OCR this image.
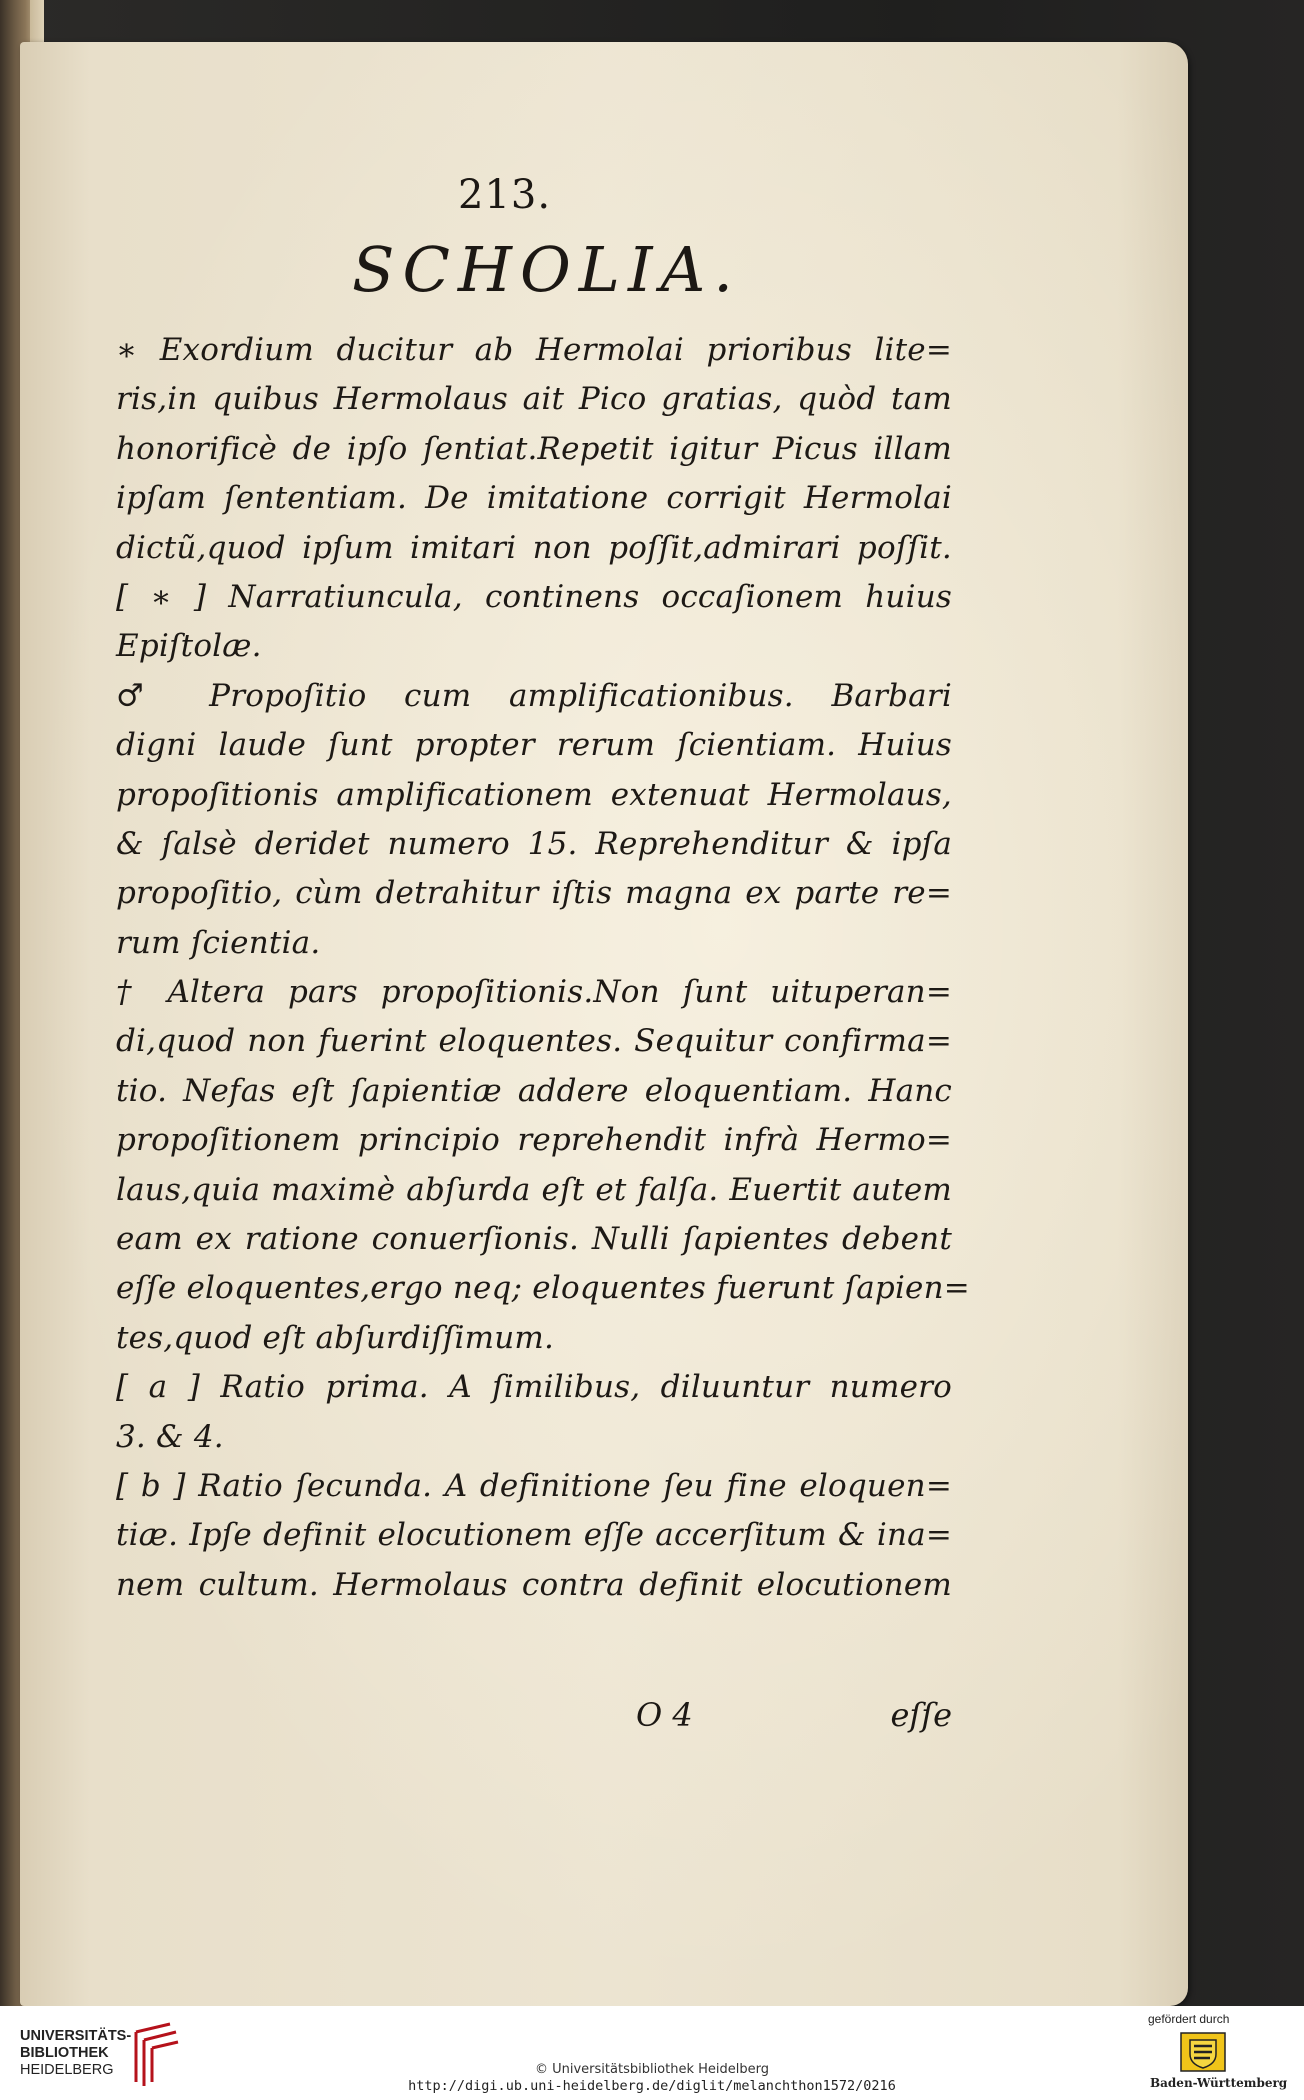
213.
SCHOLIA.
∗ Exordium ducitur ab Hermolai prioribus lite=
ris,in quibus Hermolaus ait Pico gratias, quòd tam
honorificè de ipſo ſentiat.Repetit igitur Picus illam
ipſam ſententiam. De imitatione corrigit Hermolai
dictũ,quod ipſum imitari non poſſit,admirari poſſit.
[ ∗ ] Narratiuncula, continens occaſionem huius
Epiſtolæ.
♂ Propoſitio cum amplificationibus. Barbari
digni laude ſunt propter rerum ſcientiam. Huius
propoſitionis amplificationem extenuat Hermolaus,
& ſalsè deridet numero 15. Reprehenditur & ipſa
propoſitio, cùm detrahitur iſtis magna ex parte re=
rum ſcientia.
† Altera pars propoſitionis.Non ſunt uituperan=
di,quod non fuerint eloquentes. Sequitur confirma=
tio. Nefas eſt ſapientiæ addere eloquentiam. Hanc
propoſitionem principio reprehendit infrà Hermo=
laus,quia maximè abſurda eſt et falſa. Euertit autem
eam ex ratione conuerſionis. Nulli ſapientes debent
eſſe eloquentes,ergo neq; eloquentes fuerunt ſapien=
tes,quod eſt abſurdiſſimum.
[ a ] Ratio prima. A ſimilibus, diluuntur numero
3. & 4.
[ b ] Ratio ſecunda. A definitione ſeu fine eloquen=
tiæ. Ipſe definit elocutionem eſſe accerſitum & ina=
nem cultum. Hermolaus contra definit elocutionem
O 4	eſſe
UNIVERSITÄTS-
BIBLIOTHEK
HEIDELBERG	© Universitätsbibliothek Heidelberg
http://digi.ub.uni-heidelberg.de/diglit/melanchthon1572/0216
gefördert durch
Baden-Württemberg
